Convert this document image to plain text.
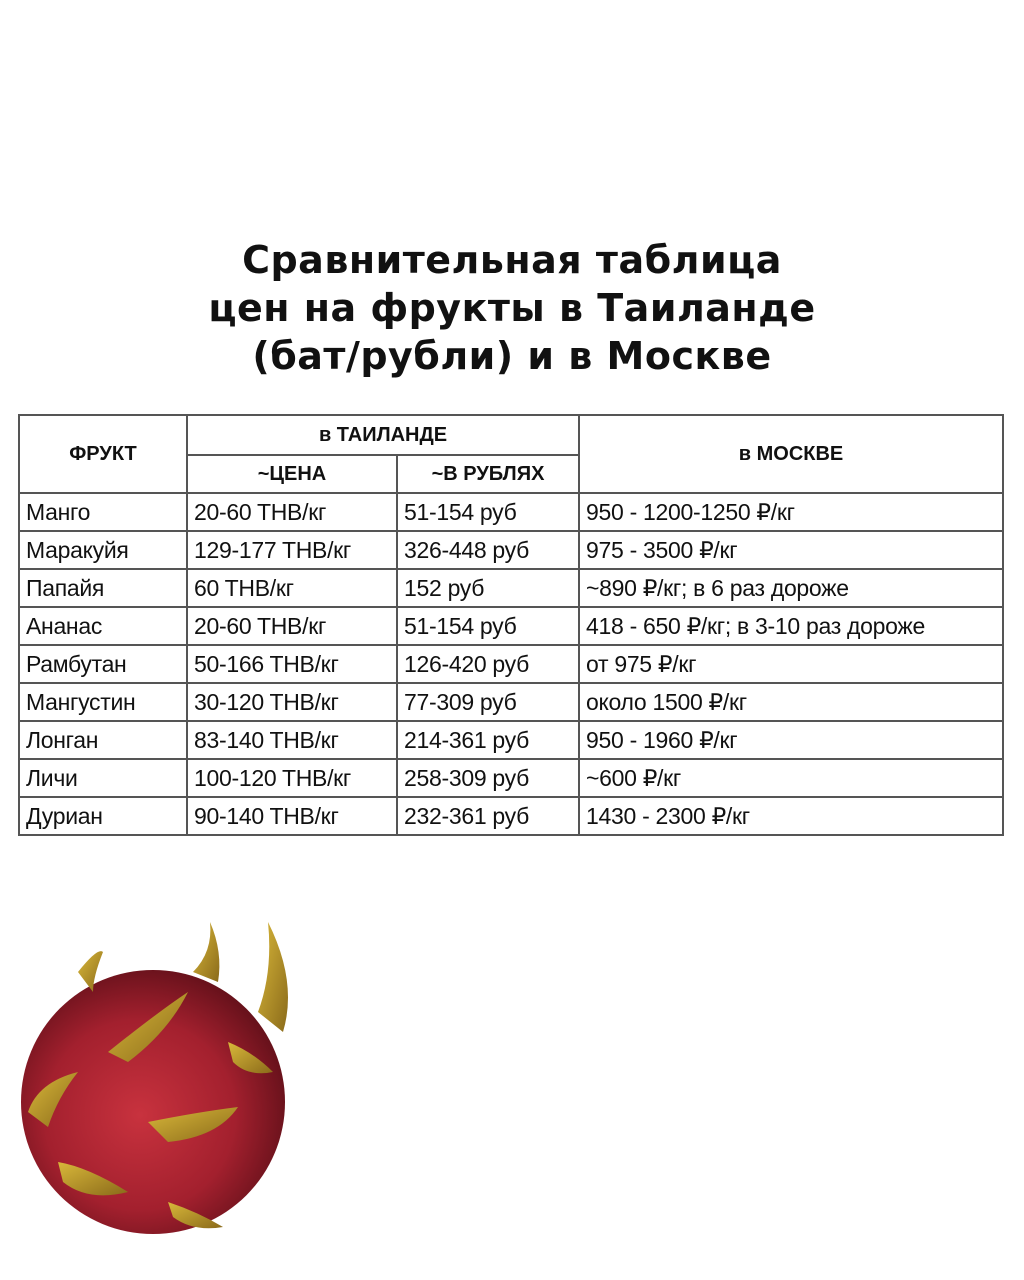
Сравнительная таблица
цен на фрукты в Таиланде
(бат/рубли) и в Москве
ФРУКТ	в ТАИЛАНДЕ		в МОСКВЕ
	~ЦЕНА	~В РУБЛЯХ	
Манго	20-60 THB/кг	51-154 руб	950 - 1200-1250 ₽/кг
Маракуйя	129-177 THB/кг	326-448 руб	975 - 3500 ₽/кг
Папайя	60 THB/кг	152 руб	~890 ₽/кг; в 6 раз дороже
Ананас	20-60 THB/кг	51-154 руб	418 - 650 ₽/кг; в 3-10 раз дороже
Рамбутан	50-166 THB/кг	126-420 руб	от 975 ₽/кг
Мангустин	30-120 THB/кг	77-309 руб	около 1500 ₽/кг
Лонган	83-140 THB/кг	214-361 руб	950 - 1960 ₽/кг
Личи	100-120 THB/кг	258-309 руб	~600 ₽/кг
Дуриан	90-140 THB/кг	232-361 руб	1430 - 2300 ₽/кг
